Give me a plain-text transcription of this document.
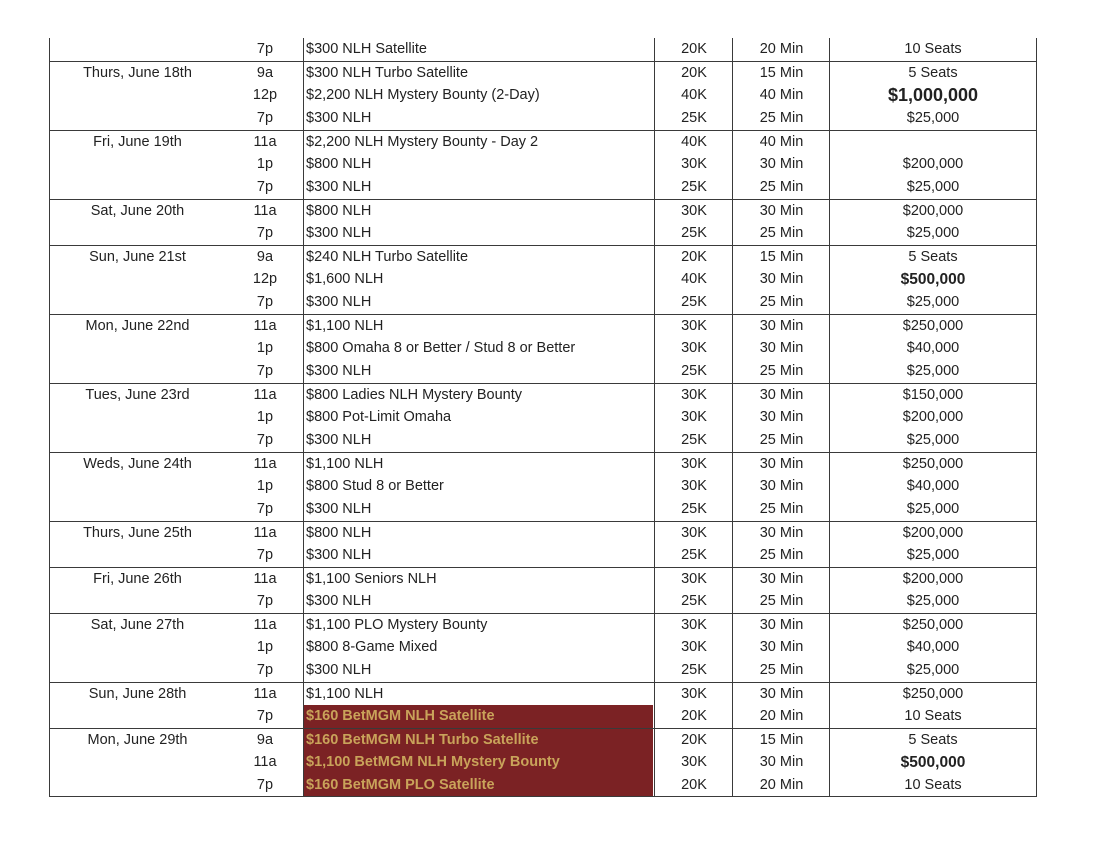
7p	$300 NLH Satellite	20K	20 Min	10 Seats
Thurs, June 18th	9a	$300 NLH Turbo Satellite	20K	15 Min	5 Seats
12p $2,200 NLH Mystery Bounty (2-Day)	40K	40 Min	$1,000,000
7p	$300 NLH	25K	25 Min	$25,000
Fri, June 19th	11a	$2,200 NLH Mystery Bounty - Day 2	40K	40 Min
1p	$800 NLH	30K	30 Min	$200,000
7p	$300 NLH	25K	25 Min	$25,000
Sat, June 20th	11a	$800 NLH	30K	30 Min	$200,000
7p	$300 NLH	25K	25 Min	$25,000
Sun, June 21st	9a	$240 NLH Turbo Satellite	20K	15 Min	5 Seats
12p $1,600 NLH	40K	30 Min	$500,000
7p	$300 NLH	25K	25 Min	$25,000
Mon, June 22nd	11a	$1,100 NLH	30K	30 Min	$250,000
1p	$800 Omaha 8 or Better / Stud 8 or Better	30K	30 Min	$40,000
7p	$300 NLH	25K	25 Min	$25,000
Tues, June 23rd	11a	$800 Ladies NLH Mystery Bounty	30K	30 Min	$150,000
1p	$800 Pot-Limit Omaha	30K	30 Min	$200,000
7p	$300 NLH	25K	25 Min	$25,000
Weds, June 24th	11a	$1,100 NLH	30K	30 Min	$250,000
1p	$800 Stud 8 or Better	30K	30 Min	$40,000
7p	$300 NLH	25K	25 Min	$25,000
Thurs, June 25th	11a	$800 NLH	30K	30 Min	$200,000
7p	$300 NLH	25K	25 Min	$25,000
Fri, June 26th	11a	$1,100 Seniors NLH	30K	30 Min	$200,000
7p	$300 NLH	25K	25 Min	$25,000
Sat, June 27th	11a	$1,100 PLO Mystery Bounty	30K	30 Min	$250,000
1p	$800 8-Game Mixed	30K	30 Min	$40,000
7p	$300 NLH	25K	25 Min	$25,000
Sun, June 28th	11a	$1,100 NLH	30K	30 Min	$250,000
7p	$160 BetMGM NLH Satellite	20K	20 Min	10 Seats
Mon, June 29th	9a	$160 BetMGM NLH Turbo Satellite	20K	15 Min	5 Seats
11a	$1,100 BetMGM NLH Mystery Bounty	30K	30 Min	$500,000
7p	$160 BetMGM PLO Satellite	20K	20 Min	10 Seats
